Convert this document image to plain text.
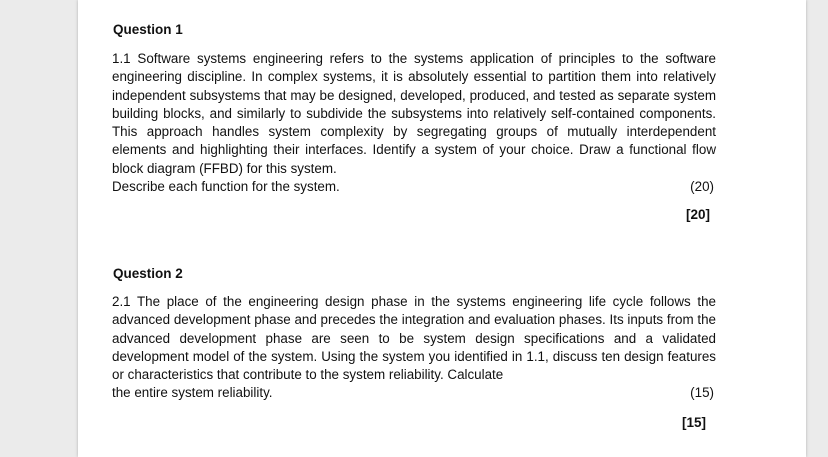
Question 1
1.1 Software systems engineering refers to the systems application of principles to the software engineering discipline. In complex systems, it is absolutely essential to partition them into relatively independent subsystems that may be designed, developed, produced, and tested as separate system building blocks, and similarly to subdivide the subsystems into relatively self-contained components. This approach handles system complexity by segregating groups of mutually interdependent elements and highlighting their interfaces. Identify a system of your choice. Draw a functional flow block diagram (FFBD) for this system.
Describe each function for the system.	(20)
[20]
Question 2
2.1 The place of the engineering design phase in the systems engineering life cycle follows the advanced development phase and precedes the integration and evaluation phases. Its inputs from the advanced development phase are seen to be system design specifications and a validated development model of the system. Using the system you identified in 1.1, discuss ten design features or characteristics that contribute to the system reliability. Calculate
the entire system reliability.	(15)
[15]
